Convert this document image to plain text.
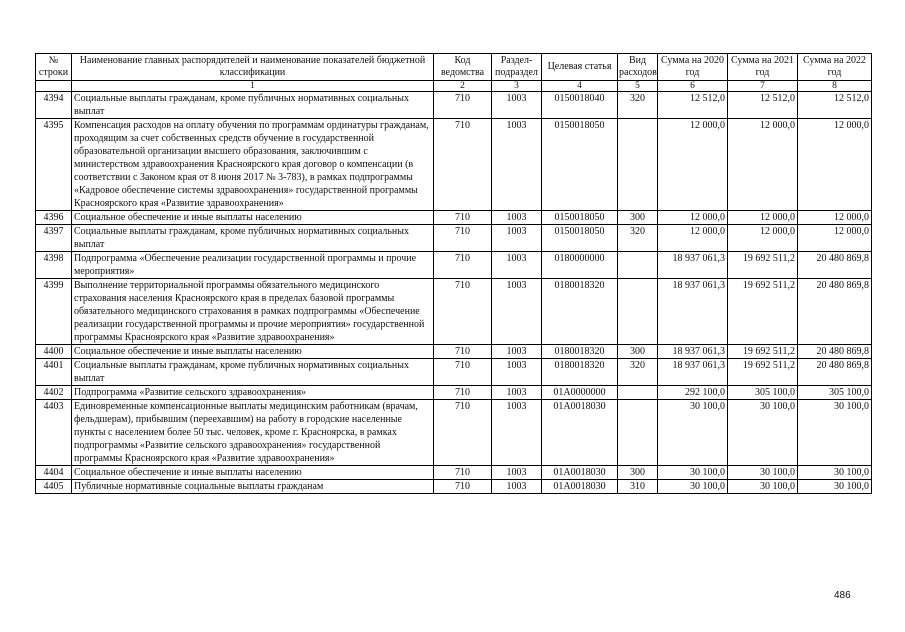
№ строки	Наименование главных распорядителей и наименование показателей бюджетной классификации	Код ведомства	Раздел-подраздел	Целевая статья	Вид расходов	Сумма на 2020 год	Сумма на 2021 год	Сумма на 2022 год
	1	2	3	4	5	6	7	8
4394	Социальные выплаты гражданам, кроме публичных нормативных социальных выплат	710	1003	0150018040	320	12 512,0	12 512,0	12 512,0
4395	Компенсация расходов на оплату обучения по программам ординатуры гражданам, проходящим за счет собственных средств обучение в государственной образовательной организации высшего образования, заключившим с министерством здравоохранения Красноярского края договор о компенсации (в соответствии с Законом края от 8 июня 2017 № 3-783), в рамках подпрограммы «Кадровое обеспечение системы здравоохранения» государственной программы Красноярского края «Развитие здравоохранения»	710	1003	0150018050		12 000,0	12 000,0	12 000,0
4396	Социальное обеспечение и иные выплаты населению	710	1003	0150018050	300	12 000,0	12 000,0	12 000,0
4397	Социальные выплаты гражданам, кроме публичных нормативных социальных выплат	710	1003	0150018050	320	12 000,0	12 000,0	12 000,0
4398	Подпрограмма «Обеспечение реализации государственной программы и прочие мероприятия»	710	1003	0180000000		18 937 061,3	19 692 511,2	20 480 869,8
4399	Выполнение территориальной программы обязательного медицинского страхования населения Красноярского края в пределах базовой программы обязательного медицинского страхования в рамках подпрограммы «Обеспечение реализации государственной программы и прочие мероприятия» государственной программы Красноярского края «Развитие здравоохранения»	710	1003	0180018320		18 937 061,3	19 692 511,2	20 480 869,8
4400	Социальное обеспечение и иные выплаты населению	710	1003	0180018320	300	18 937 061,3	19 692 511,2	20 480 869,8
4401	Социальные выплаты гражданам, кроме публичных нормативных социальных выплат	710	1003	0180018320	320	18 937 061,3	19 692 511,2	20 480 869,8
4402	Подпрограмма «Развитие сельского здравоохранения»	710	1003	01А0000000		292 100,0	305 100,0	305 100,0
4403	Единовременные компенсационные выплаты медицинским работникам (врачам, фельдшерам), прибывшим (переехавшим) на работу в городские населенные пункты с населением более 50 тыс. человек, кроме г. Красноярска, в рамках подпрограммы «Развитие сельского здравоохранения» государственной программы Красноярского края «Развитие здравоохранения»	710	1003	01А0018030		30 100,0	30 100,0	30 100,0
4404	Социальное обеспечение и иные выплаты населению	710	1003	01А0018030	300	30 100,0	30 100,0	30 100,0
4405	Публичные нормативные социальные выплаты гражданам	710	1003	01А0018030	310	30 100,0	30 100,0	30 100,0
486
